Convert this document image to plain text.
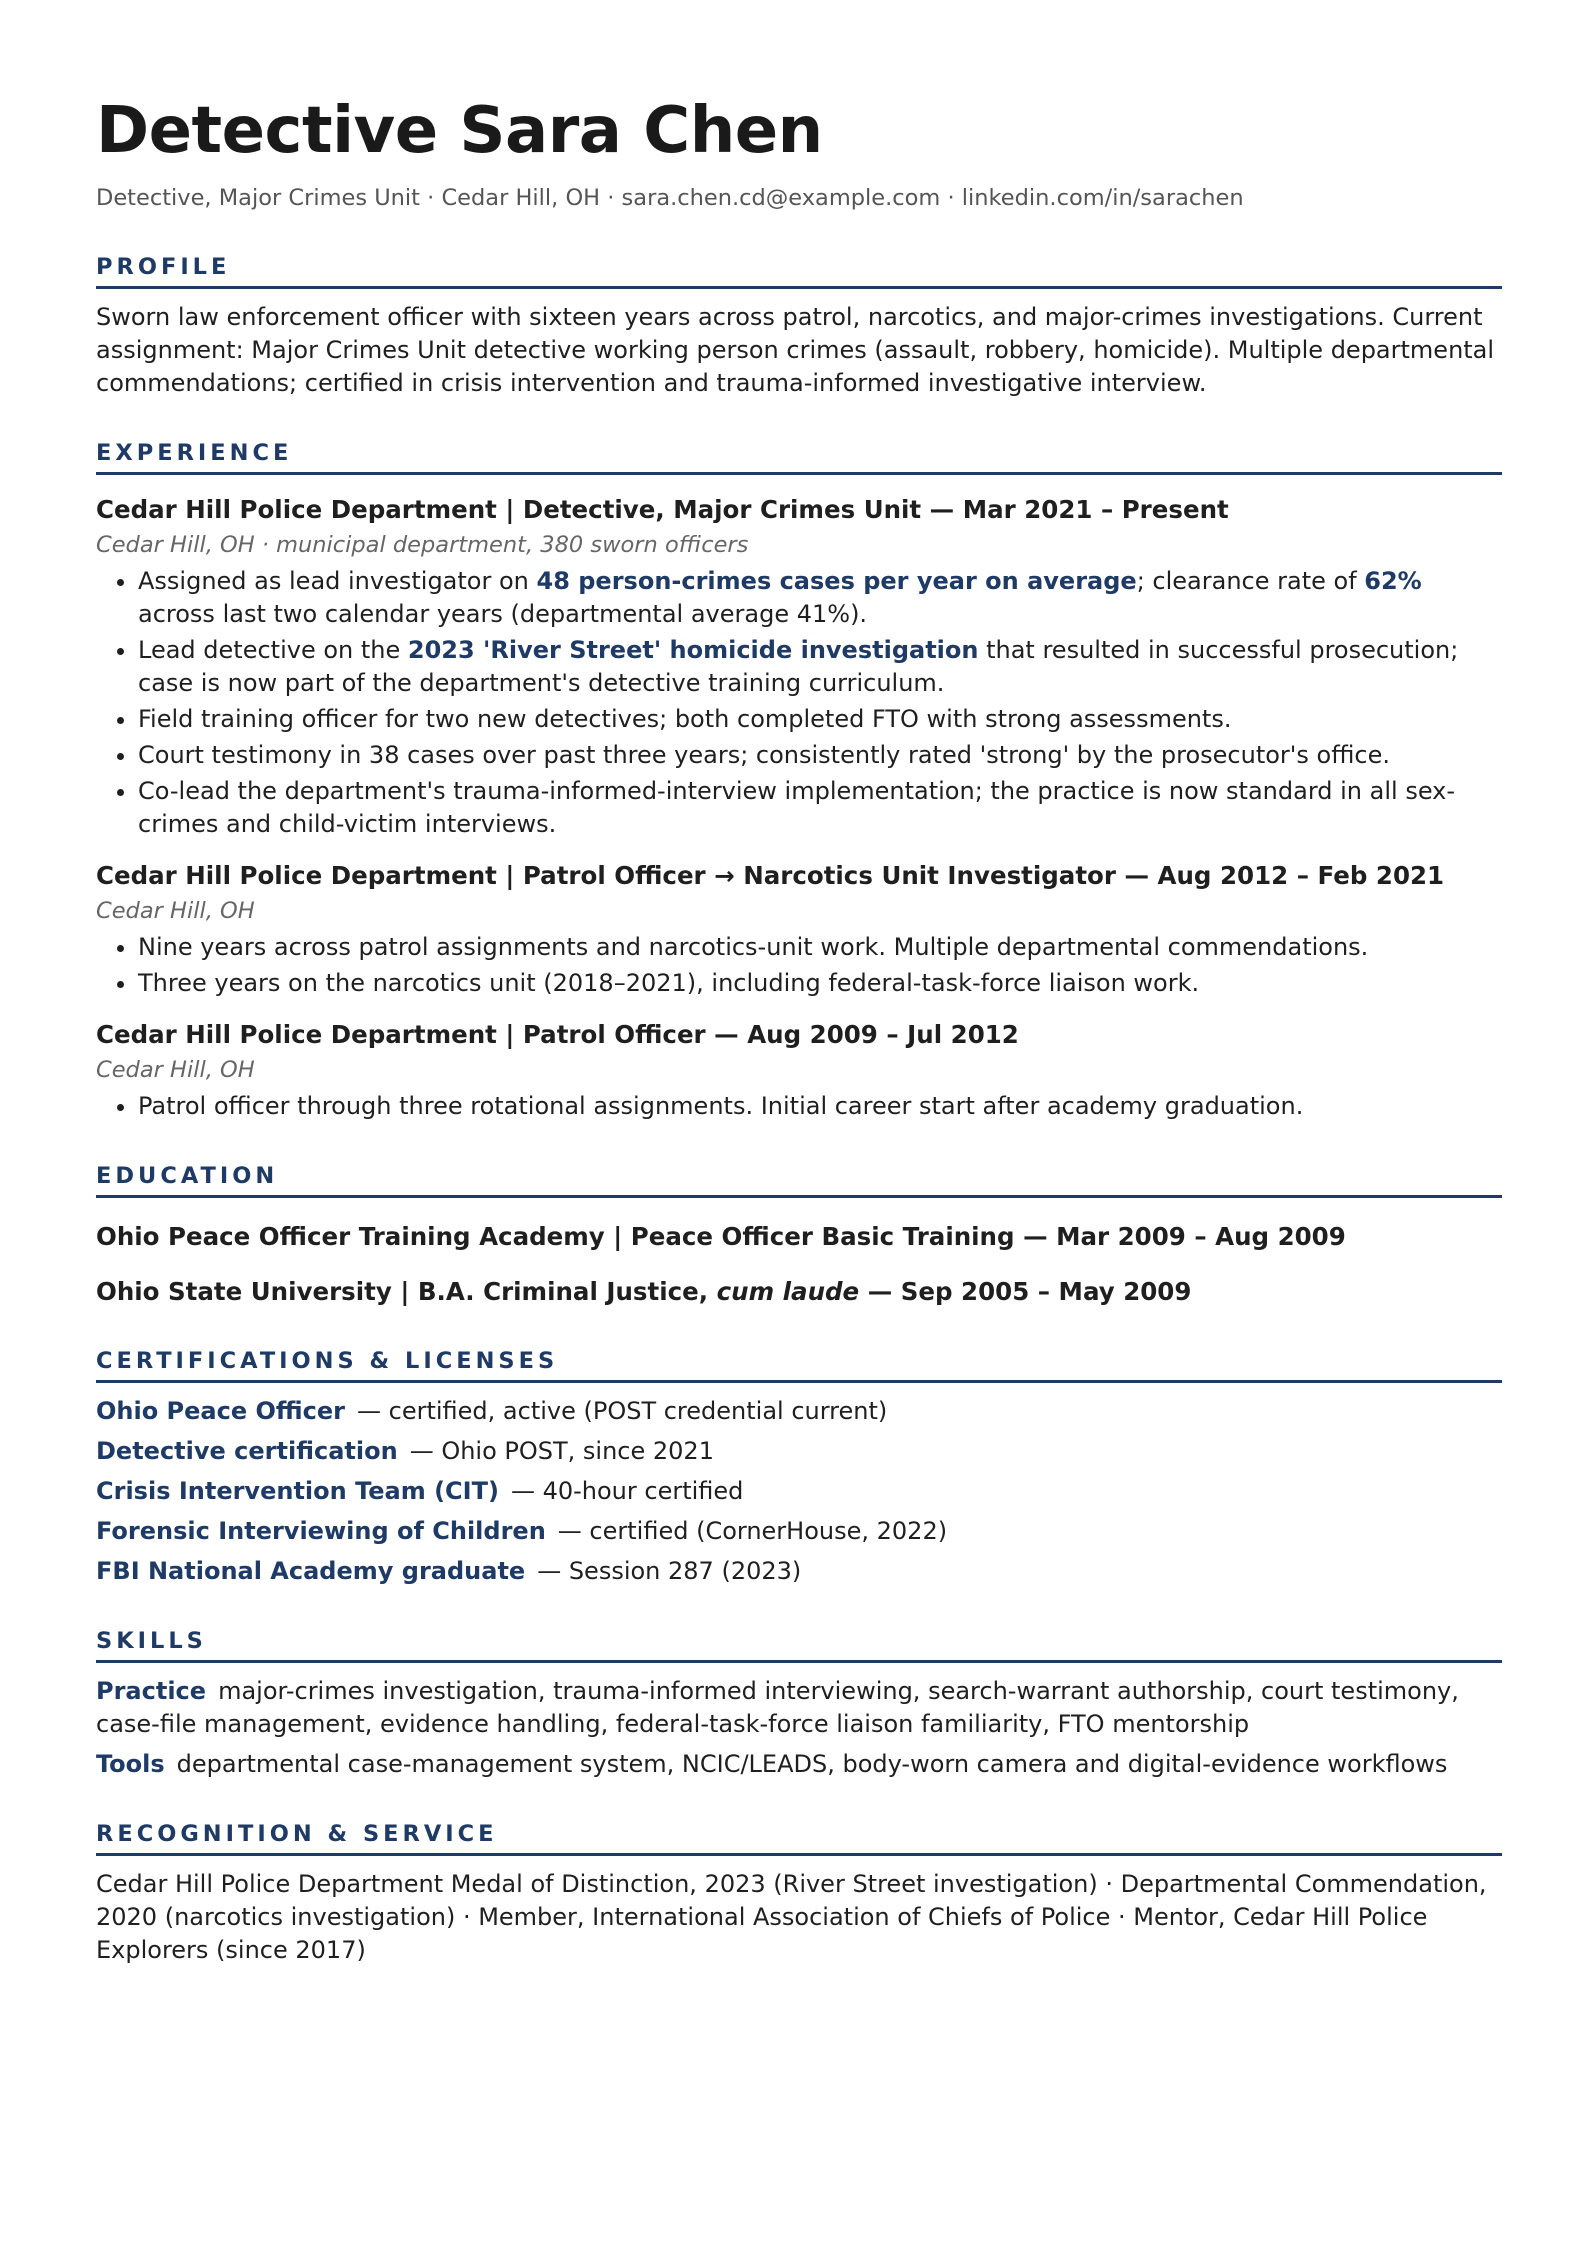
Detective Sara Chen
Detective, Major Crimes Unit · Cedar Hill, OH · sara.chen.cd@example.com · linkedin.com/in/sarachen
PROFILE

Sworn law enforcement officer with sixteen years across patrol, narcotics, and major-crimes investigations. Current assignment: Major Crimes Unit detective working person crimes (assault, robbery, homicide). Multiple departmental commendations; certified in crisis intervention and trauma-informed investigative interview.

EXPERIENCE
Cedar Hill Police Department | Detective, Major Crimes Unit — Mar 2021 – Present
Cedar Hill, OH · municipal department, 380 sworn officers
• Assigned as lead investigator on 48 person-crimes cases per year on average; clearance rate of 62% across last two calendar years (departmental average 41%).
• Lead detective on the 2023 'River Street' homicide investigation that resulted in successful prosecution; case is now part of the department's detective training curriculum.
• Field training officer for two new detectives; both completed FTO with strong assessments.
• Court testimony in 38 cases over past three years; consistently rated 'strong' by the prosecutor's office.
• Co-lead the department's trauma-informed-interview implementation; the practice is now standard in all sex-crimes and child-victim interviews.
Cedar Hill Police Department | Patrol Officer → Narcotics Unit Investigator — Aug 2012 – Feb 2021
Cedar Hill, OH
• Nine years across patrol assignments and narcotics-unit work. Multiple departmental commendations.
• Three years on the narcotics unit (2018–2021), including federal-task-force liaison work.
Cedar Hill Police Department | Patrol Officer — Aug 2009 – Jul 2012
Cedar Hill, OH
• Patrol officer through three rotational assignments. Initial career start after academy graduation.
EDUCATION
Ohio Peace Officer Training Academy | Peace Officer Basic Training — Mar 2009 – Aug 2009
Ohio State University | B.A. Criminal Justice, cum laude — Sep 2005 – May 2009
CERTIFICATIONS & LICENSES
Ohio Peace Officer — certified, active (POST credential current)
Detective certification — Ohio POST, since 2021
Crisis Intervention Team (CIT) — 40-hour certified
Forensic Interviewing of Children — certified (CornerHouse, 2022)
FBI National Academy graduate — Session 287 (2023)
SKILLS
Practice major-crimes investigation, trauma-informed interviewing, search-warrant authorship, court testimony, case-file management, evidence handling, federal-task-force liaison familiarity, FTO mentorship
Tools departmental case-management system, NCIC/LEADS, body-worn camera and digital-evidence workflows
RECOGNITION & SERVICE

Cedar Hill Police Department Medal of Distinction, 2023 (River Street investigation) · Departmental Commendation, 2020 (narcotics investigation) · Member, International Association of Chiefs of Police · Mentor, Cedar Hill Police Explorers (since 2017)
